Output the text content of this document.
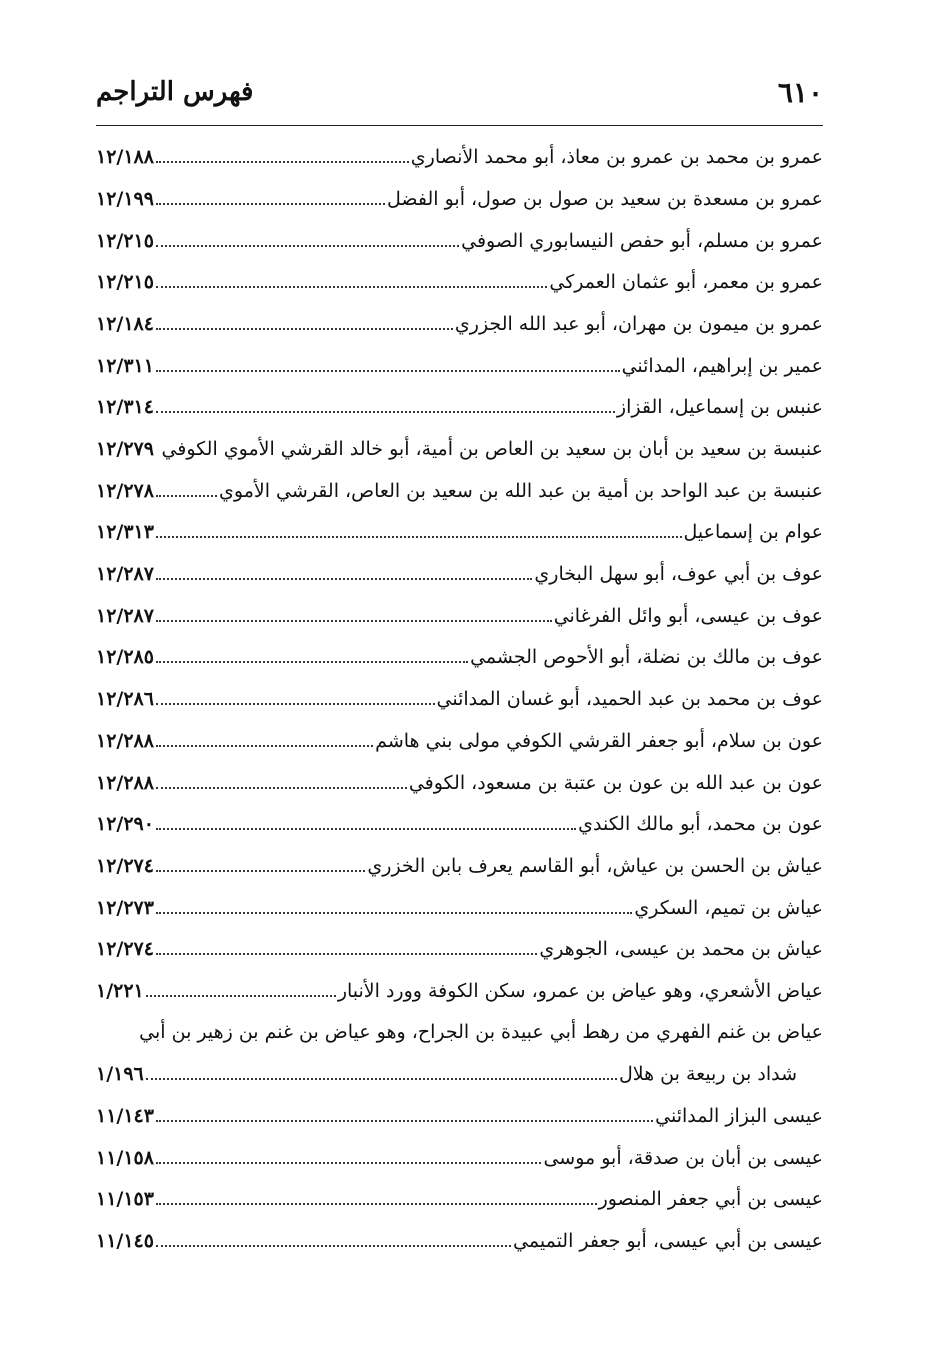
٦١٠
فهرس التراجم
عمرو بن محمد بن عمرو بن معاذ، أبو محمد الأنصاري
١٢/١٨٨
عمرو بن مسعدة بن سعيد بن صول بن صول، أبو الفضل
١٢/١٩٩
عمرو بن مسلم، أبو حفص النيسابوري الصوفي
١٢/٢١٥
عمرو بن معمر، أبو عثمان العمركي
١٢/٢١٥
عمرو بن ميمون بن مهران، أبو عبد الله الجزري
١٢/١٨٤
عمير بن إبراهيم، المدائني
١٢/٣١١
عنبس بن إسماعيل، القزاز
١٢/٣١٤
عنبسة بن سعيد بن أبان بن سعيد بن العاص بن أمية، أبو خالد القرشي الأموي الكوفي
١٢/٢٧٩
عنبسة بن عبد الواحد بن أمية بن عبد الله بن سعيد بن العاص، القرشي الأموي
١٢/٢٧٨
عوام بن إسماعيل
١٢/٣١٣
عوف بن أبي عوف، أبو سهل البخاري
١٢/٢٨٧
عوف بن عيسى، أبو وائل الفرغاني
١٢/٢٨٧
عوف بن مالك بن نضلة، أبو الأحوص الجشمي
١٢/٢٨٥
عوف بن محمد بن عبد الحميد، أبو غسان المدائني
١٢/٢٨٦
عون بن سلام، أبو جعفر القرشي الكوفي مولى بني هاشم
١٢/٢٨٨
عون بن عبد الله بن عون بن عتبة بن مسعود، الكوفي
١٢/٢٨٨
عون بن محمد، أبو مالك الكندي
١٢/٢٩٠
عياش بن الحسن بن عياش، أبو القاسم يعرف بابن الخزري
١٢/٢٧٤
عياش بن تميم، السكري
١٢/٢٧٣
عياش بن محمد بن عيسى، الجوهري
١٢/٢٧٤
عياض الأشعري، وهو عياض بن عمرو، سكن الكوفة وورد الأنبار
١/٢٢١
عياض بن غنم الفهري من رهط أبي عبيدة بن الجراح، وهو عياض بن غنم بن زهير بن أبي
شداد بن ربيعة بن هلال
١/١٩٦
عيسى البزاز المدائني
١١/١٤٣
عيسى بن أبان بن صدقة، أبو موسى
١١/١٥٨
عيسى بن أبي جعفر المنصور
١١/١٥٣
عيسى بن أبي عيسى، أبو جعفر التميمي
١١/١٤٥
